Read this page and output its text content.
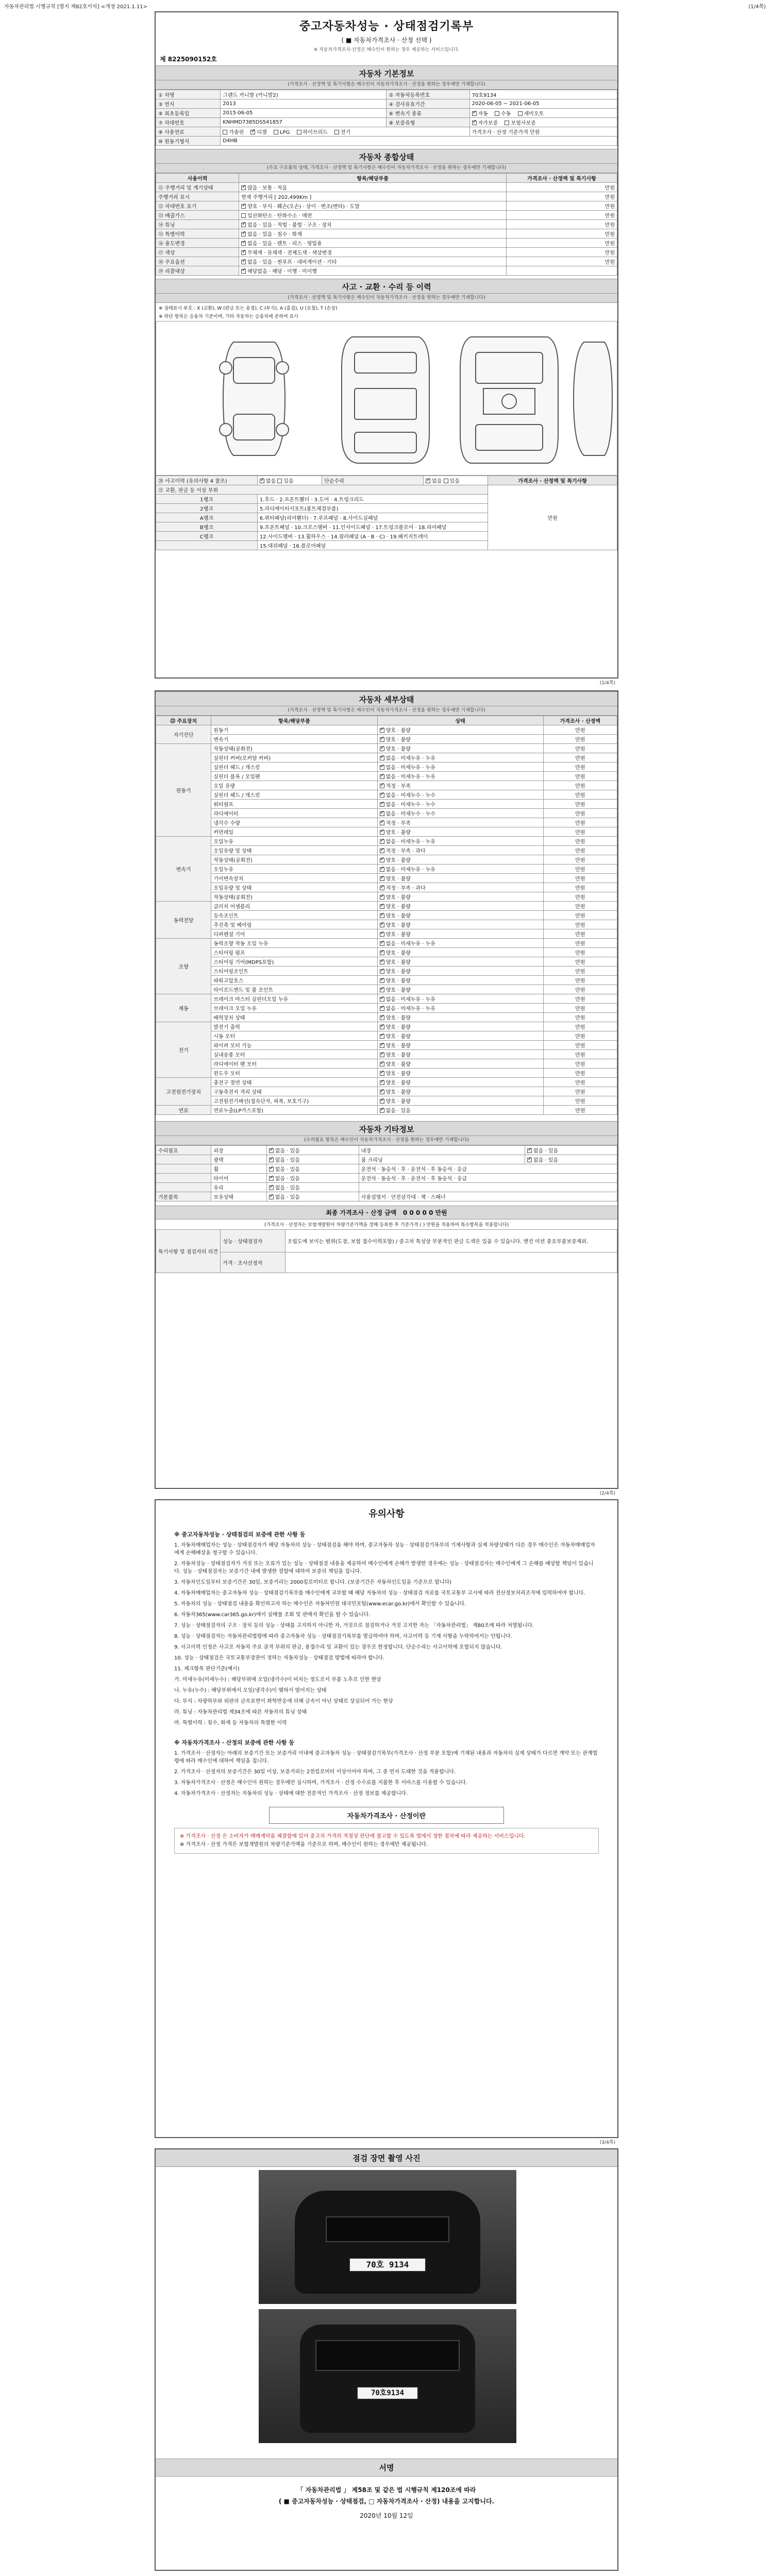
자동차관리법 시행규칙 [별지 제82호서식] <개정 2021.1.11>	(1/4쪽)
중고자동차성능 · 상태점검기록부
( ■ 자동차가격조사 · 산정 선택 )
※ 자동차가격조사·산정은 매수인이 원하는 경우 제공하는 서비스입니다.
제 8225090152호
자동차 기본정보
(가격조사 · 산정액 및 특기사항은 매수인이 자동차가격조사 · 산정을 원하는 경우에만 기재합니다)
① 차명	그랜드 카니발 (카니발2)	② 자동차등록번호	70호9134
③ 연식	2013	④ 검사유효기간	2020-06-05 ~ 2021-06-05
⑤ 최초등록일	2015-06-05	⑥ 변속기 종류	✓자동 수동 세미오토
⑦ 차대번호	KNHMD7385DS541857	⑧ 보증유형	✓자가보증 보험사보증
⑨ 사용연료	가솔린 ✓ 디젤 LPG 하이브리드 전기		가격조사 · 산정 기준가격 만원
⑩ 원동기형식	D4HB		
자동차 종합상태
(주요 구조품의 상태, 가격조사 · 산정액 및 특기사항은 매수인이 자동차가격조사 · 산정을 원하는 경우에만 기재합니다)
사용이력	항목/해당부품	가격조사 · 산정액 및 특기사항
⑪ 주행거리 및 계기상태	✓많음 · 보통 · 적음	만원
주행거리 표시	현재 주행거리 [ 202,499Km ]	만원
⑫ 차대번호 표기	✓양호 · 부식 · 훼손(오손) · 상이 · 변조(변타) · 도말	만원
⑬ 배출가스	일산화탄소 · 탄화수소 · 매연	만원
⑭ 튜닝	✓없음 · 있음 · 적법 · 불법 · 구조 · 장치	만원
⑮ 특별이력	✓없음 · 있음 · 침수 · 화재	만원
⑯ 용도변경	✓없음 · 있음 · 렌트 · 리스 · 영업용	만원
⑰ 색상	✓무채색 · 유채색 · 전체도색 · 색상변경	만원
⑱ 주요옵션	✓없음 · 있음 · 썬루프 · 네비게이션 · 기타	만원
⑲ 리콜대상	✓해당없음 · 해당 · 이행 · 미이행	
사고 · 교환 · 수리 등 이력
(가격조사 · 산정액 및 특기사항은 매수인이 자동차가격조사 · 산정을 원하는 경우에만 기재합니다)
※ 상태표시 부호 : X (교환), W (판금 또는 용접), C (부식), A (흠집), U (요철), T (손상)
※ 하단 항목은 승용차 기준이며, 기타 자동차는 승용차에 준하여 표시
⑳ 사고이력 (유의사항 4 참조)	✓없음 있음	단순수리	✓없음 있음	가격조사 · 산정액 및 특기사항
㉑ 교환, 판금 등 이상 부위				만원
1랭크	1.후드 · 2.프론트휀더 · 3.도어 · 4.트렁크리드			
2랭크	5.라디에이터서포트(볼트체결부품)			
A랭크	6.쿼터패널(리어휀더) · 7.루프패널 · 8.사이드실패널			
B랭크	9.프론트패널 · 10.크로스멤버 · 11.인사이드패널 · 17.트렁크플로어 · 18.리어패널			
C랭크	12.사이드멤버 · 13.휠하우스 · 14.필러패널 (A · B · C) · 19.패키지트레이			
	15.대쉬패널 · 16.플로어패널			
(1/4쪽)
자동차 세부상태
(가격조사 · 산정액 및 특기사항은 매수인이 자동차가격조사 · 산정을 원하는 경우에만 기재합니다)
㉒ 주요장치	항목/해당부품	상태	가격조사 · 산정액
자기진단	원동기	✓양호 · 불량	만원
	변속기	✓양호 · 불량	만원
원동기	작동상태(공회전)	✓양호 · 불량	만원
	실린더 커버(로커암 커버)	✓없음 · 미세누유 · 누유	만원
	실린더 헤드 / 개스킷	✓없음 · 미세누유 · 누유	만원
	실린더 블록 / 오일팬	✓없음 · 미세누유 · 누유	만원
	오일 유량	✓적정 · 부족	만원
	실린더 헤드 / 개스킷	✓없음 · 미세누수 · 누수	만원
	워터펌프	✓없음 · 미세누수 · 누수	만원
	라디에이터	✓없음 · 미세누수 · 누수	만원
	냉각수 수량	✓적정 · 부족	만원
	커먼레일	✓양호 · 불량	만원
변속기	오일누유	✓없음 · 미세누유 · 누유	만원
	오일유량 및 상태	✓적정 · 부족 · 과다	만원
	작동상태(공회전)	✓양호 · 불량	만원
	오일누유	✓없음 · 미세누유 · 누유	만원
	기어변속장치	✓양호 · 불량	만원
	오일유량 및 상태	✓적정 · 부족 · 과다	만원
	작동상태(공회전)	✓양호 · 불량	만원
동력전달	클러치 어셈블리	✓양호 · 불량	만원
	등속조인트	✓양호 · 불량	만원
	추진축 및 베어링	✓양호 · 불량	만원
	디퍼렌셜 기어	✓양호 · 불량	만원
조향	동력조향 작동 오일 누유	✓없음 · 미세누유 · 누유	만원
	스티어링 펌프	✓양호 · 불량	만원
	스티어링 기어(MDPS포함)	✓양호 · 불량	만원
	스티어링조인트	✓양호 · 불량	만원
	파워고압호스	✓양호 · 불량	만원
	타이로드엔드 및 볼 조인트	✓양호 · 불량	만원
제동	브레이크 마스터 실린더오일 누유	✓없음 · 미세누유 · 누유	만원
	브레이크 오일 누유	✓없음 · 미세누유 · 누유	만원
	배력장치 상태	✓양호 · 불량	만원
전기	발전기 출력	✓양호 · 불량	만원
	시동 모터	✓양호 · 불량	만원
	와이퍼 모터 기능	✓양호 · 불량	만원
	실내송풍 모터	✓양호 · 불량	만원
	라디에이터 팬 모터	✓양호 · 불량	만원
	윈도우 모터	✓양호 · 불량	만원
고전원전기장치	충전구 절연 상태	✓양호 · 불량	만원
	구동축전지 격리 상태	✓양호 · 불량	만원
	고전원전기배선(접속단자, 피복, 보호기구)	✓양호 · 불량	만원
연료	연료누출(LP가스포함)	✓없음 · 있음	만원
자동차 기타정보
(수리필요 항목은 매수인이 자동차가격조사 · 산정을 원하는 경우에만 기재합니다)
수리필요	외장	✓없음 · 있음	내장	✓없음 · 있음
	광택	✓없음 · 있음	룸 크리닝	✓없음 · 있음
	휠	✓없음 · 있음	운전석 · 동승석 · 후 · 운전석 · 후 동승석 · 응급	
	타이어	✓없음 · 있음	운전석 · 동승석 · 후 · 운전석 · 후 동승석 · 응급	
	유리	✓없음 · 있음	
기본품목	보유상태	✓없음 · 있음	사용설명서 · 안전삼각대 · 잭 · 스패너	
최종 가격조사 · 산정 금액 0 0 0 0 0 만원
(가격조사 · 산정자는 보험개발원이 차량기준가액을 정해 등록한 후 기준가격 ( ) 만원을 적용하여 특수항목을 적용합니다)
특기사항 및 점검자의 의견	성능 · 상태점검자	조립도에 보이는 범위(도장, 보험 접수이력포함) / 중고차 특성상 부분적인 판금 도색은 있을 수 있습니다. 엔진 미션 중요부품보증제외.
	가격 · 조사산정자	
(2/4쪽)
유의사항
※ 중고자동차성능 · 상태점검의 보증에 관한 사항 등

1. 자동차매매업자는 성능 · 상태점검자가 해당 자동차의 성능 · 상태점검을 해야 하며, 중고자동차 성능 · 상태점검기록부의 기재사항과 실제 차량상태가 다른 경우 매수인은 자동차매매업자에게 손해배상을 청구할 수 있습니다.

2. 자동차성능 · 상태점검자가 거짓 또는 오류가 있는 성능 · 상태점검 내용을 제공하여 매수인에게 손해가 발생한 경우에는 성능 · 상태점검자는 매수인에게 그 손해를 배상할 책임이 있습니다. 성능 · 상태점검자는 보증기간 내에 발생한 결함에 대하여 보증의 책임을 집니다.

3. 자동차인도일부터 보증기간은 30일, 보증거리는 2000킬로미터로 합니다. (보증기간은 자동차인도일을 기준으로 합니다)

4. 자동차매매업자는 중고자동차 성능 · 상태점검기록부를 매수인에게 교부할 때 해당 자동차의 성능 · 상태점검 자료를 국토교통부 고시에 따라 전산정보처리조직에 입력하여야 합니다.

5. 자동차의 성능 · 상태점검 내용을 확인하고자 하는 매수인은 자동차민원 대국민포털(www.ecar.go.kr)에서 확인할 수 있습니다.

6. 자동차365(www.car365.go.kr)에서 실매물 조회 및 판매자 확인을 할 수 있습니다.

7. 성능 · 상태점검자의 구조 · 장치 등의 성능 · 상태를 고지하지 아니한 자, 거짓으로 점검하거나 거짓 고지한 자는 「자동차관리법」 제80조에 따라 처벌됩니다.

8. 성능 · 상태점검자는 자동차관리법령에 따라 중고자동차 성능 · 상태점검기록부를 발급하여야 하며, 사고이력 등 기재 사항을 누락하여서는 안됩니다.

9. 사고이력 인정은 사고로 자동차 주요 골격 부위의 판금, 용접수리 및 교환이 있는 경우로 한정합니다. 단순수리는 사고이력에 포함되지 않습니다.

10. 성능 · 상태점검은 국토교통부장관이 정하는 자동차성능 · 상태점검 방법에 따라야 합니다.

11. 체크항목 판단기준(예시)

가. 미세누유(미세누수) : 해당부위에 오일(냉각수)이 비치는 정도로서 부품 노후로 인한 현상

나. 누유(누수) : 해당부위에서 오일(냉각수)이 맺혀서 떨어지는 상태

다. 부식 : 차량하부와 외판의 금속표면이 화학반응에 의해 금속이 아닌 상태로 상실되어 가는 현상

라. 튜닝 : 자동차관리법 제34조에 따른 자동차의 튜닝 상태

마. 특별이력 : 침수, 화재 등 자동차의 특별한 이력

※ 자동차가격조사 · 산정의 보증에 관한 사항 등

1. 가격조사 · 산정자는 아래의 보증기간 또는 보증거리 이내에 중고자동차 성능 · 상태점검기록부(가격조사 · 산정 부분 포함)에 기재된 내용과 자동차의 실제 상태가 다르면 계약 또는 관계법령에 따라 매수인에 대하여 책임을 집니다.

2. 가격조사 · 산정자의 보증기간은 30일 이상, 보증거리는 2천킬로미터 이상이어야 하며, 그 중 먼저 도래한 것을 적용합니다.

3. 자동차가격조사 · 산정은 매수인이 원하는 경우에만 실시하며, 가격조사 · 산정 수수료를 지불한 후 서비스를 이용할 수 있습니다.

4. 자동차가격조사 · 산정자는 자동차의 성능 · 상태에 대한 전문적인 가격조사 · 산정 정보를 제공합니다.

자동차가격조사 · 산정이란
※ 가격조사 · 산정 은 소비자가 매매계약을 체결함에 있어 중고차 가격의 적절성 판단에 참고할 수 있도록 법에서 정한 절차에 따라 제공하는 서비스입니다.
※ 가격조사 · 산정 가격은 보험개발원의 차량기준가액을 기준으로 하며, 매수인이 원하는 경우에만 제공됩니다.
(3/4쪽)
점검 장면 촬영 사진
70호 9134
70호9134
서명
「 자동차관리법 」 제58조 및 같은 법 시행규칙 제120조에 따라
( ■ 중고자동차성능 · 상태점검, □ 자동차가격조사 · 산정) 내용을 고지합니다.
2020년 10월 12일
